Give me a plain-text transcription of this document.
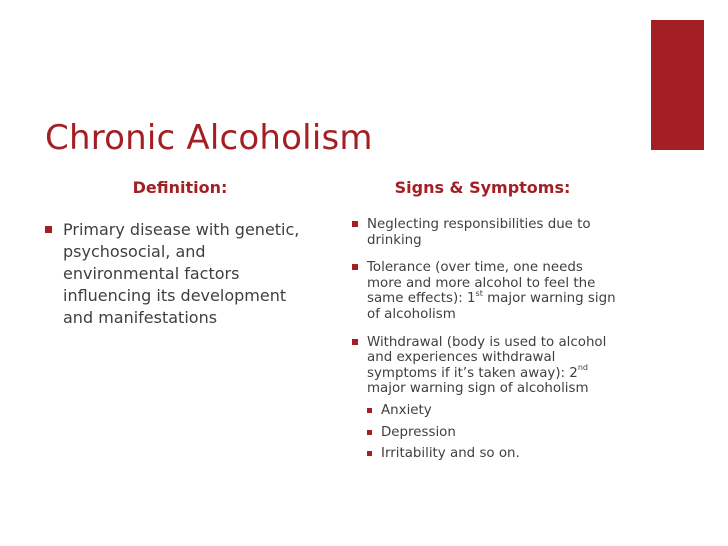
Chronic Alcoholism
Definition:	Signs & Symptoms:
Primary disease with genetic, psychosocial, and environmental factors influencing its development and manifestations
Neglecting responsibilities due to drinking
Tolerance (over time, one needs more and more alcohol to feel the same effects): 1st major warning sign of alcoholism
Withdrawal (body is used to alcohol and experiences withdrawal symptoms if it’s taken away): 2nd major warning sign of alcoholism
Anxiety
Depression
Irritability and so on.
